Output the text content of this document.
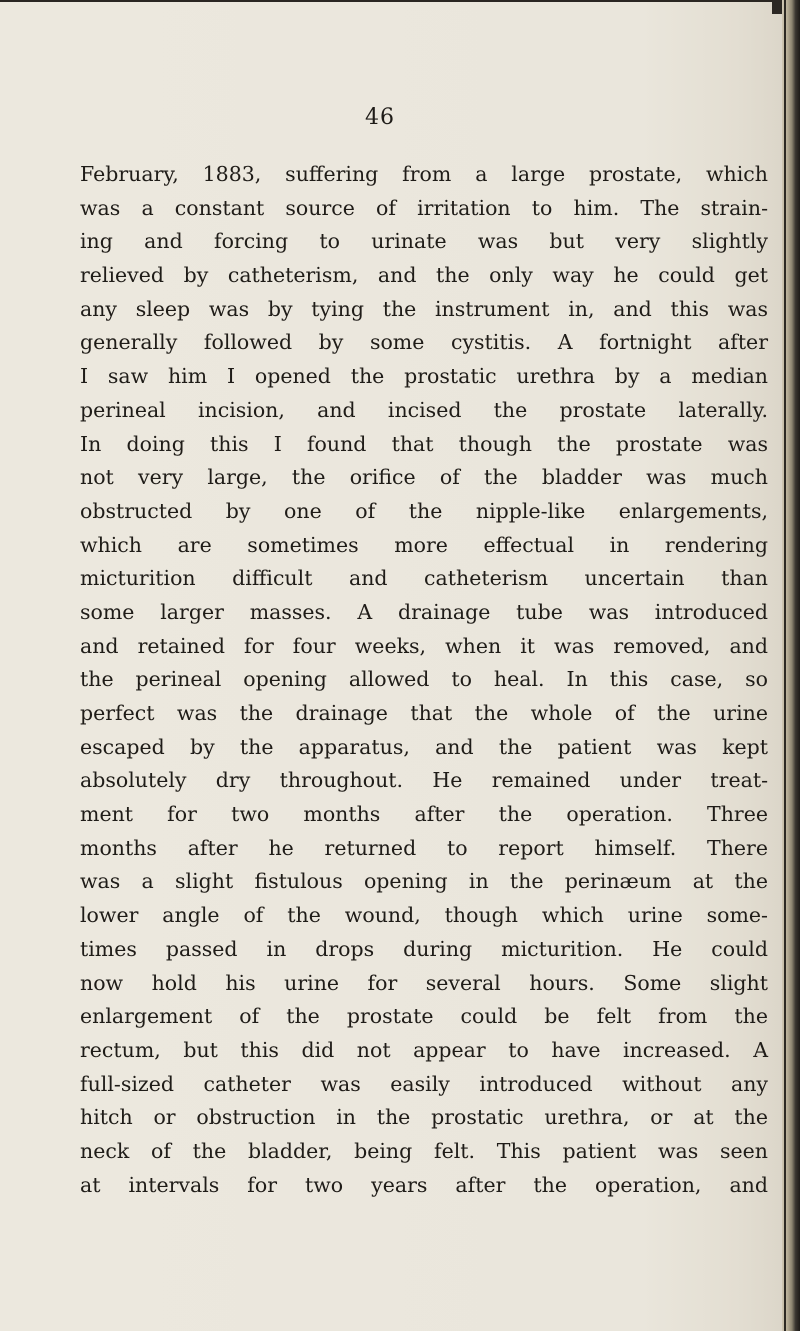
46
February, 1883, suffering from a large prostate, which
was a constant source of irritation to him. The strain-
ing and forcing to urinate was but very slightly
relieved by catheterism, and the only way he could get
any sleep was by tying the instrument in, and this was
generally followed by some cystitis. A fortnight after
I saw him I opened the prostatic urethra by a median
perineal incision, and incised the prostate laterally.
In doing this I found that though the prostate was
not very large, the orifice of the bladder was much
obstructed by one of the nipple-like enlargements,
which are sometimes more effectual in rendering
micturition difficult and catheterism uncertain than
some larger masses. A drainage tube was introduced
and retained for four weeks, when it was removed, and
the perineal opening allowed to heal. In this case, so
perfect was the drainage that the whole of the urine
escaped by the apparatus, and the patient was kept
absolutely dry throughout. He remained under treat-
ment for two months after the operation. Three
months after he returned to report himself. There
was a slight fistulous opening in the perinæum at the
lower angle of the wound, though which urine some-
times passed in drops during micturition. He could
now hold his urine for several hours. Some slight
enlargement of the prostate could be felt from the
rectum, but this did not appear to have increased. A
full-sized catheter was easily introduced without any
hitch or obstruction in the prostatic urethra, or at the
neck of the bladder, being felt. This patient was seen
at intervals for two years after the operation, and
